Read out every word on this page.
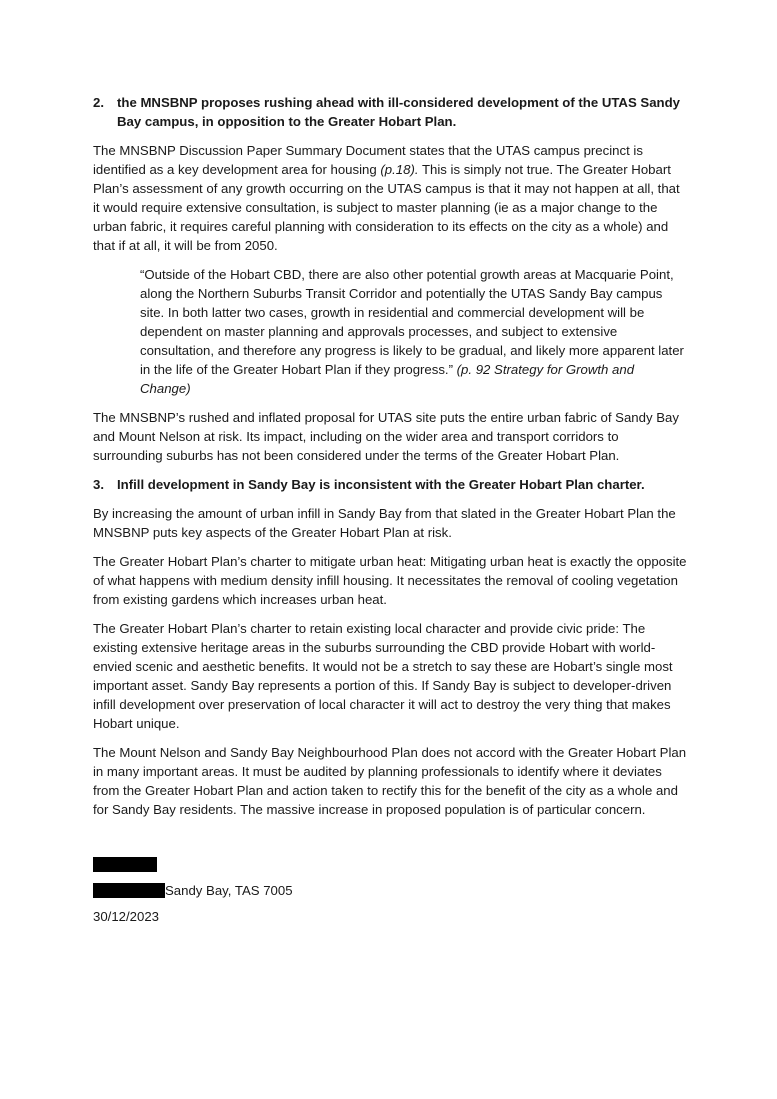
2. the MNSBNP proposes rushing ahead with ill-considered development of the UTAS Sandy Bay campus, in opposition to the Greater Hobart Plan.

The MNSBNP Discussion Paper Summary Document states that the UTAS campus precinct is identified as a key development area for housing (p.18). This is simply not true. The Greater Hobart Plan’s assessment of any growth occurring on the UTAS campus is that it may not happen at all, that it would require extensive consultation, is subject to master planning (ie as a major change to the urban fabric, it requires careful planning with consideration to its effects on the city as a whole) and that if at all, it will be from 2050.

“Outside of the Hobart CBD, there are also other potential growth areas at Macquarie Point, along the Northern Suburbs Transit Corridor and potentially the UTAS Sandy Bay campus site. In both latter two cases, growth in residential and commercial development will be dependent on master planning and approvals processes, and subject to extensive consultation, and therefore any progress is likely to be gradual, and likely more apparent later in the life of the Greater Hobart Plan if they progress.” (p. 92 Strategy for Growth and Change)

The MNSBNP’s rushed and inflated proposal for UTAS site puts the entire urban fabric of Sandy Bay and Mount Nelson at risk. Its impact, including on the wider area and transport corridors to surrounding suburbs has not been considered under the terms of the Greater Hobart Plan.

3. Infill development in Sandy Bay is inconsistent with the Greater Hobart Plan charter.

By increasing the amount of urban infill in Sandy Bay from that slated in the Greater Hobart Plan the MNSBNP puts key aspects of the Greater Hobart Plan at risk.

The Greater Hobart Plan’s charter to mitigate urban heat: Mitigating urban heat is exactly the opposite of what happens with medium density infill housing. It necessitates the removal of cooling vegetation from existing gardens which increases urban heat.

The Greater Hobart Plan’s charter to retain existing local character and provide civic pride: The existing extensive heritage areas in the suburbs surrounding the CBD provide Hobart with world-envied scenic and aesthetic benefits. It would not be a stretch to say these are Hobart’s single most important asset. Sandy Bay represents a portion of this. If Sandy Bay is subject to developer-driven infill development over preservation of local character it will act to destroy the very thing that makes Hobart unique.

The Mount Nelson and Sandy Bay Neighbourhood Plan does not accord with the Greater Hobart Plan in many important areas. It must be audited by planning professionals to identify where it deviates from the Greater Hobart Plan and action taken to rectify this for the benefit of the city as a whole and for Sandy Bay residents. The massive increase in proposed population is of particular concern.

Sandy Bay, TAS 7005
30/12/2023
